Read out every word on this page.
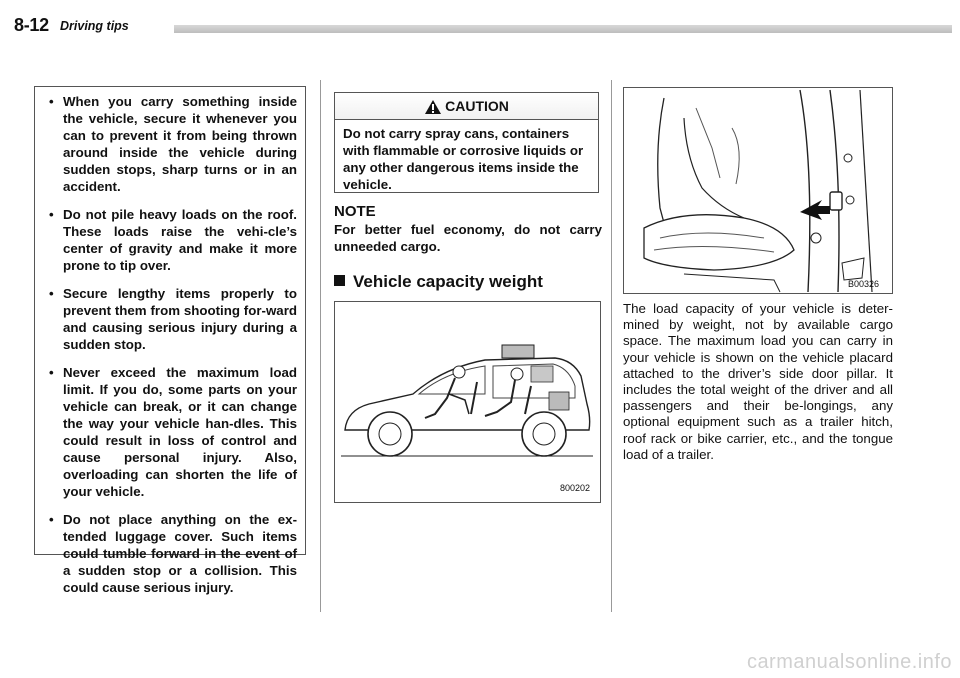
8-12 Driving tips
• When you carry something inside the vehicle, secure it whenever you can to prevent it from being thrown around inside the vehicle during sudden stops, sharp turns or in an accident.
• Do not pile heavy loads on the roof. These loads raise the vehi-cle’s center of gravity and make it more prone to tip over.
• Secure lengthy items properly to prevent them from shooting for-ward and causing serious injury during a sudden stop.
• Never exceed the maximum load limit. If you do, some parts on your vehicle can break, or it can change the way your vehicle han-dles. This could result in loss of control and cause personal injury. Also, overloading can shorten the life of your vehicle.
• Do not place anything on the ex-tended luggage cover. Such items could tumble forward in the event of a sudden stop or a collision. This could cause serious injury.
CAUTION
Do not carry spray cans, containers with flammable or corrosive liquids or any other dangerous items inside the vehicle.
NOTE
For better fuel economy, do not carry unneeded cargo.
Vehicle capacity weight
800202
B00326
The load capacity of your vehicle is deter-mined by weight, not by available cargo space. The maximum load you can carry in your vehicle is shown on the vehicle placard attached to the driver’s side door pillar. It includes the total weight of the driver and all passengers and their be-longings, any optional equipment such as a trailer hitch, roof rack or bike carrier, etc., and the tongue load of a trailer.
carmanualsonline.info
